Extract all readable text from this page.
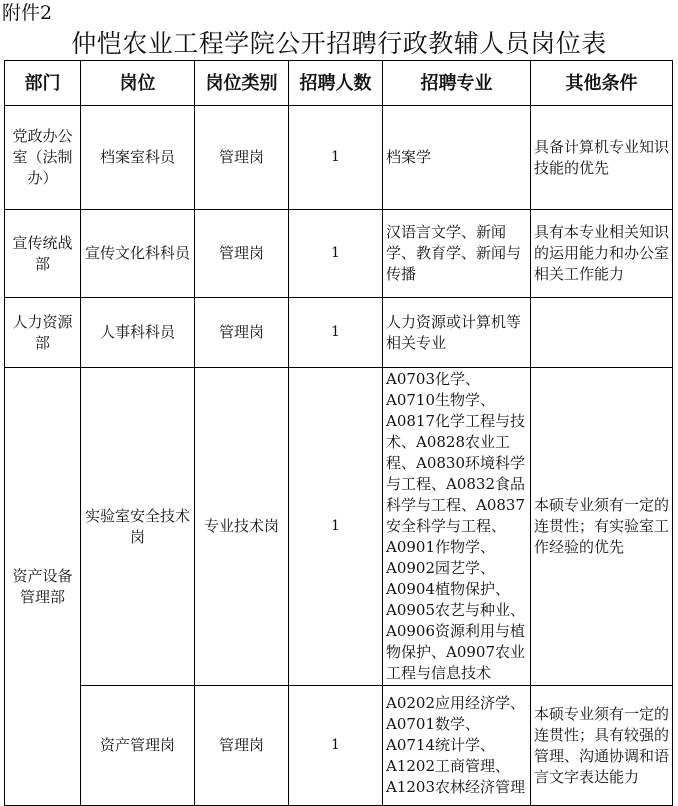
附件2
仲恺农业工程学院公开招聘行政教辅人员岗位表
部门	岗位	岗位类别	招聘人数	招聘专业	其他条件
党政办公室（法制办）	档案室科员	管理岗	1	档案学	具备计算机专业知识技能的优先
宣传统战部	宣传文化科科员	管理岗	1	汉语言文学、新闻学、教育学、新闻与传播	具有本专业相关知识的运用能力和办公室相关工作能力
人力资源部	人事科科员	管理岗	1	人力资源或计算机等相关专业	
资产设备管理部	实验室安全技术岗	专业技术岗	1	A0703化学、A0710生物学、A0817化学工程与技术、A0828农业工程、A0830环境科学与工程、A0832食品科学与工程、A0837安全科学与工程、A0901作物学、A0902园艺学、A0904植物保护、A0905农艺与种业、A0906资源利用与植物保护、A0907农业工程与信息技术	本硕专业须有一定的连贯性；有实验室工作经验的优先
	资产管理岗	管理岗	1	A0202应用经济学、A0701数学、A0714统计学、A1202工商管理、A1203农林经济管理	本硕专业须有一定的连贯性；具有较强的管理、沟通协调和语言文字表达能力
